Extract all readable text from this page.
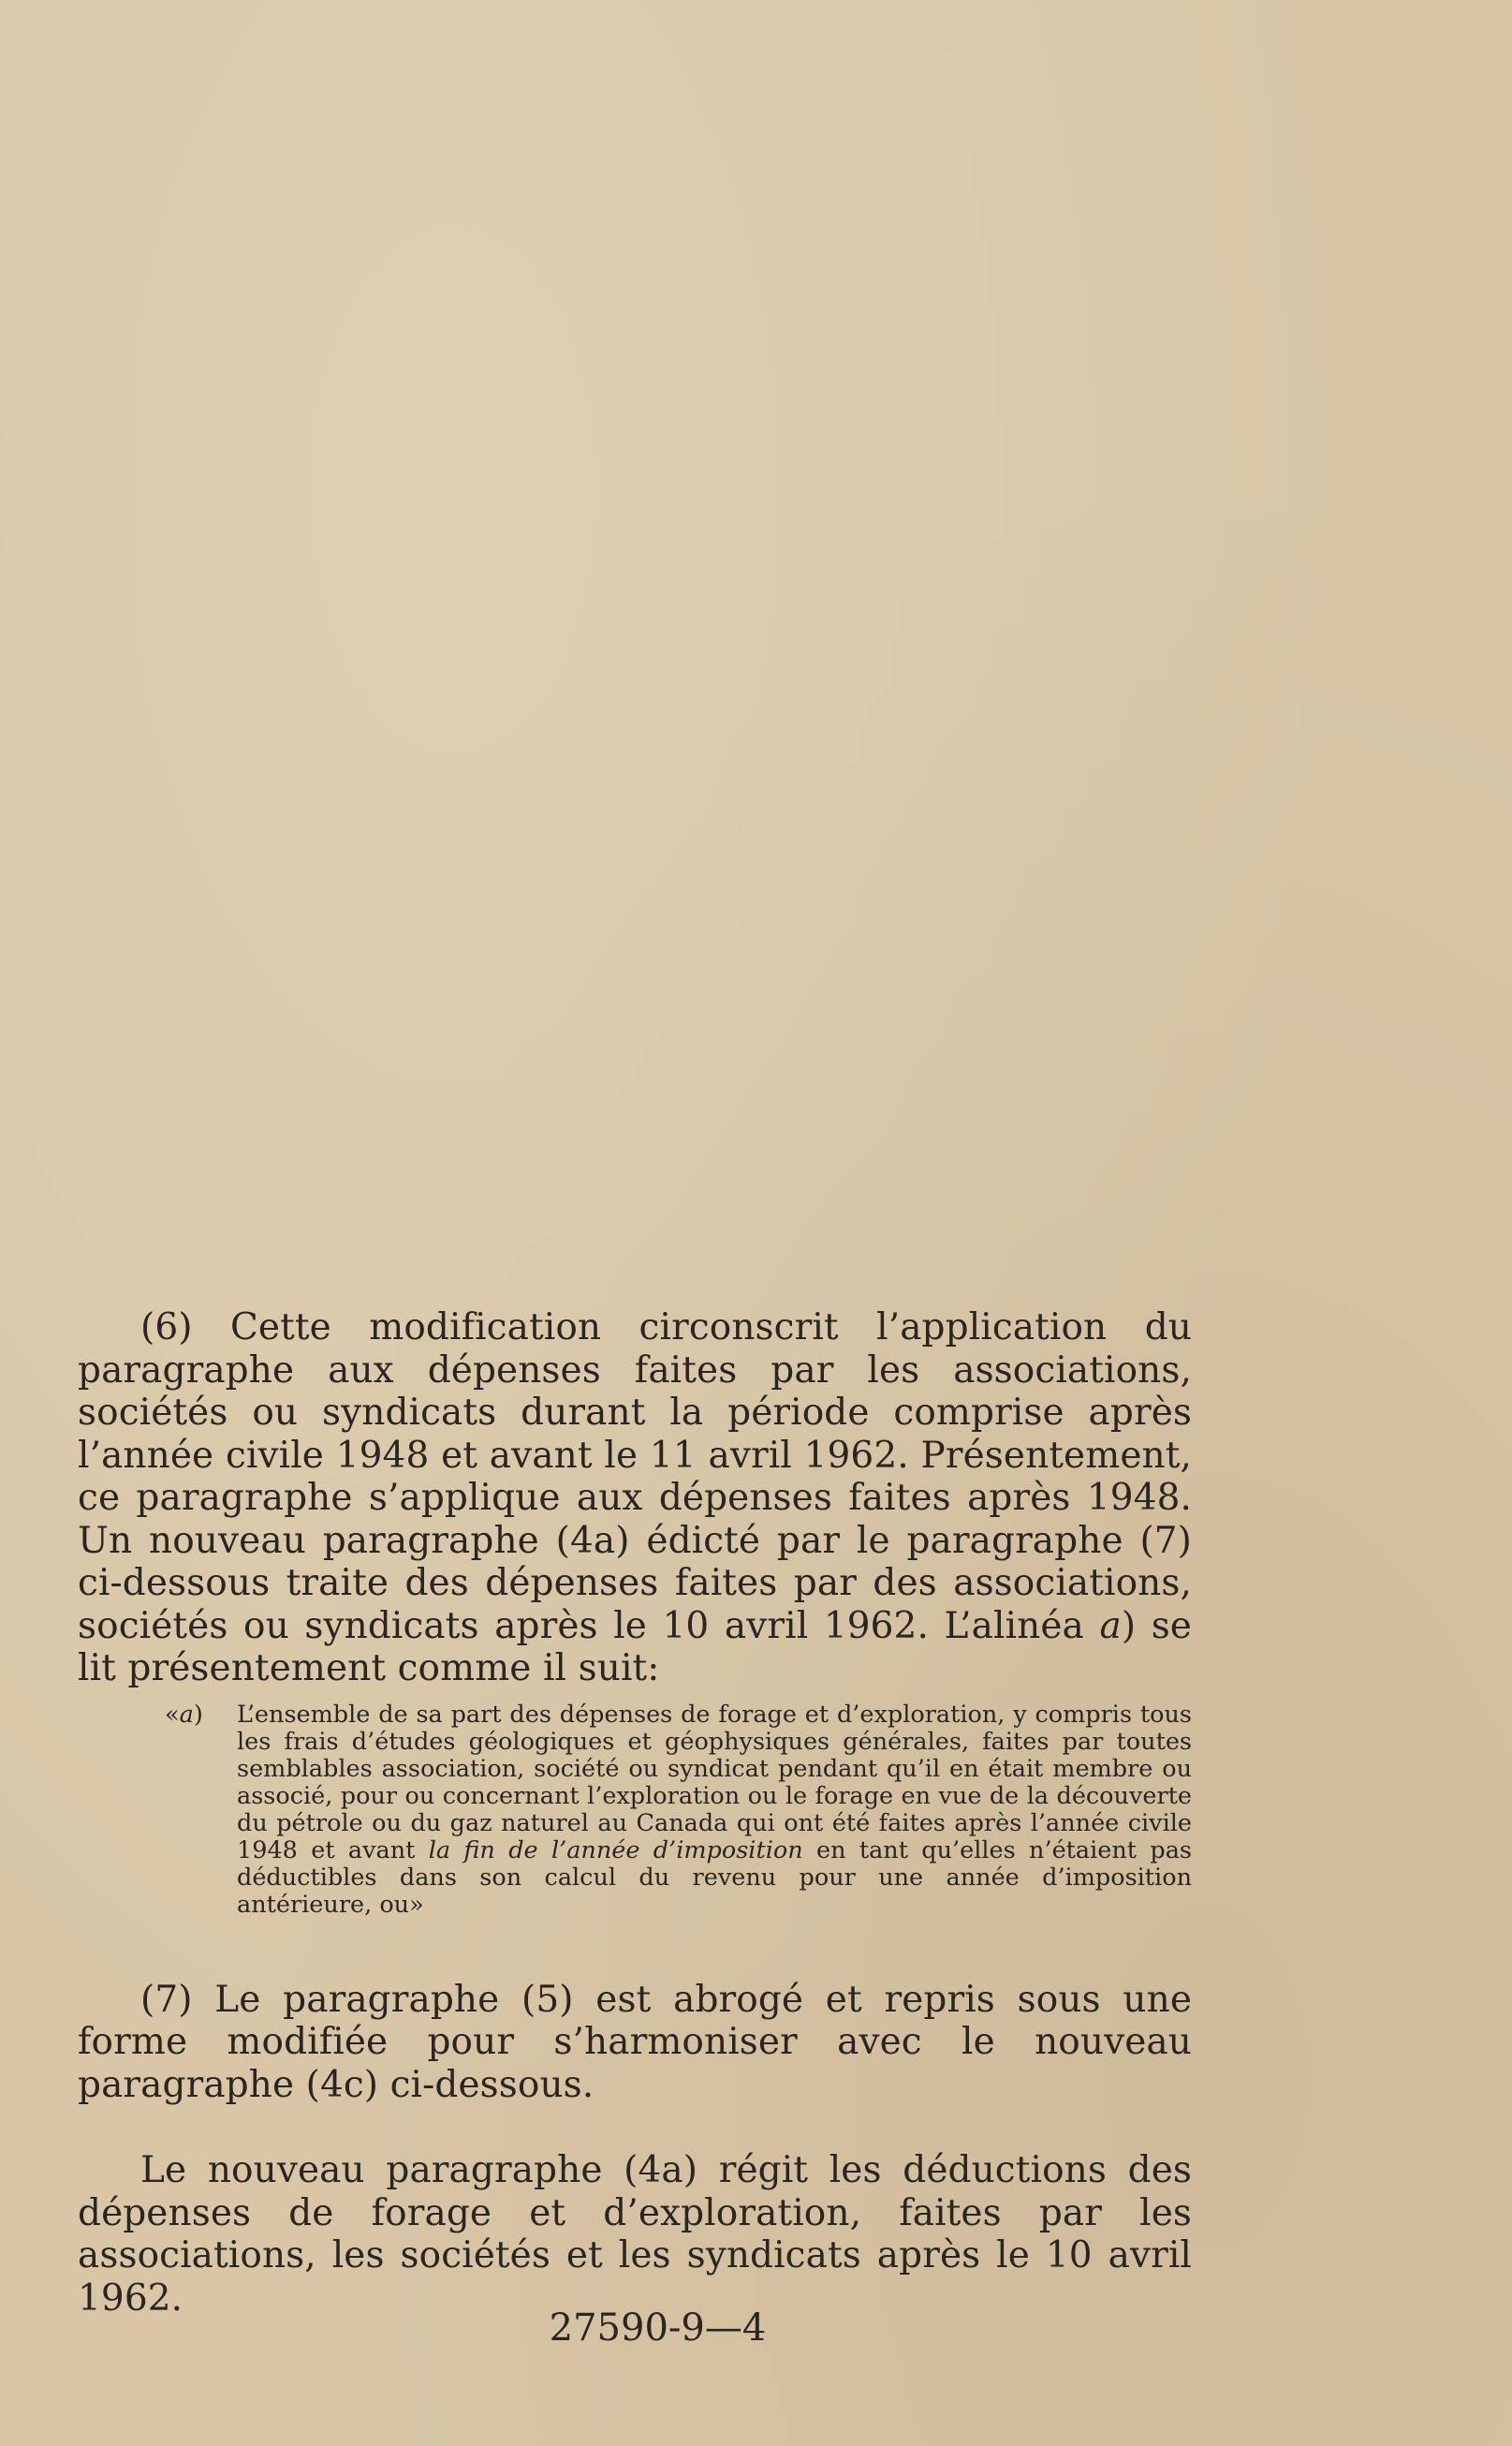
(6) Cette modification circonscrit l’application du paragraphe aux dépenses faites par les associations, sociétés ou syndicats durant la période comprise après l’année civile 1948 et avant le 11 avril 1962. Présentement, ce paragraphe s’applique aux dépenses faites après 1948. Un nouveau paragraphe (4a) édicté par le paragraphe (7) ci-dessous traite des dépenses faites par des associations, sociétés ou syndicats après le 10 avril 1962. L’alinéa a) se lit présentement comme il suit:

«a) L’ensemble de sa part des dépenses de forage et d’exploration, y compris tous les frais d’études géologiques et géophysiques générales, faites par toutes semblables association, société ou syndicat pendant qu’il en était membre ou associé, pour ou concernant l’exploration ou le forage en vue de la découverte du pétrole ou du gaz naturel au Canada qui ont été faites après l’année civile 1948 et avant la fin de l’année d’imposition en tant qu’elles n’étaient pas déductibles dans son calcul du revenu pour une année d’imposition antérieure, ou»

(7) Le paragraphe (5) est abrogé et repris sous une forme modifiée pour s’harmoniser avec le nouveau paragraphe (4c) ci-dessous.

Le nouveau paragraphe (4a) régit les déductions des dépenses de forage et d’exploration, faites par les associations, les sociétés et les syndicats après le 10 avril 1962.

27590-9—4
